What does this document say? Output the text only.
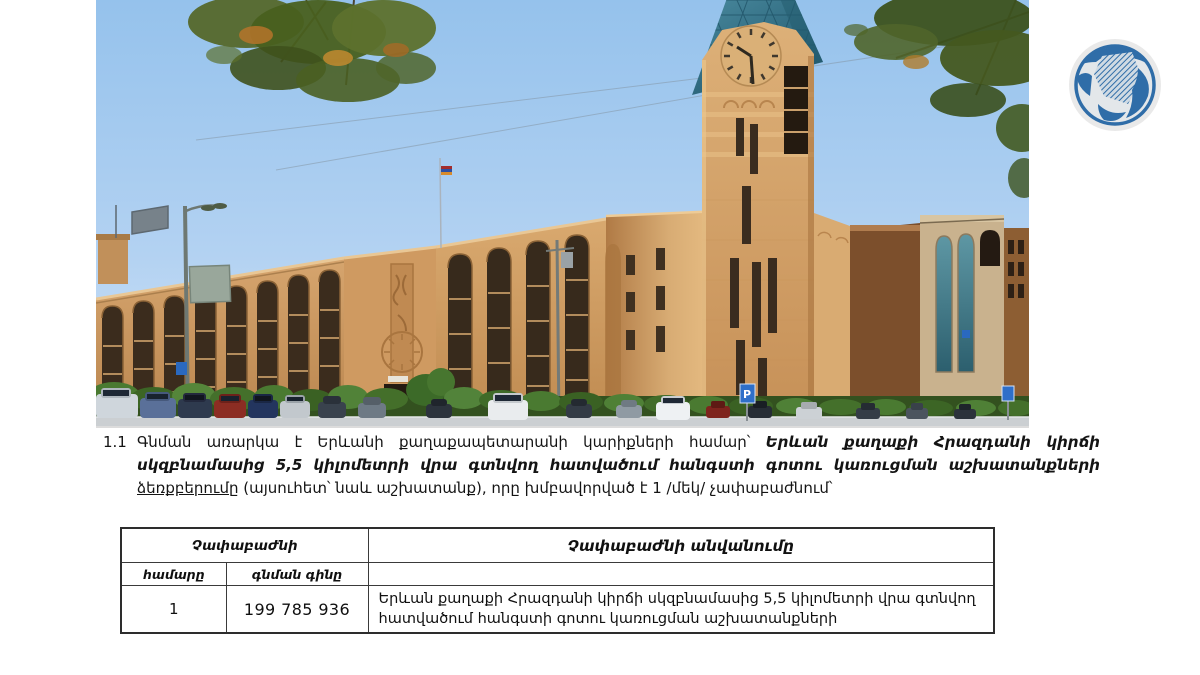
P
1.1 Գնման առարկա է Երևանի քաղաքապետարանի կարիքների համար՝ Երևան քաղաքի Հրազդանի կիրճի սկզբնամասից 5,5 կիլոմետրի վրա գտնվող հատվածում հանգստի գոտու կառուցման աշխատանքների ձեռքբերումը (այսուհետ՝ նաև աշխատանք), որը խմբավորված է 1 /մեկ/ չափաբաժնում՝
Չափաբաժնի		Չափաբաժնի անվանումը
համարը	գնման գինը	
1	199 785 936	Երևան քաղաքի Հրազդանի կիրճի սկզբնամասից 5,5 կիլոմետրի վրա գտնվող հատվածում հանգստի գոտու կառուցման աշխատանքների
